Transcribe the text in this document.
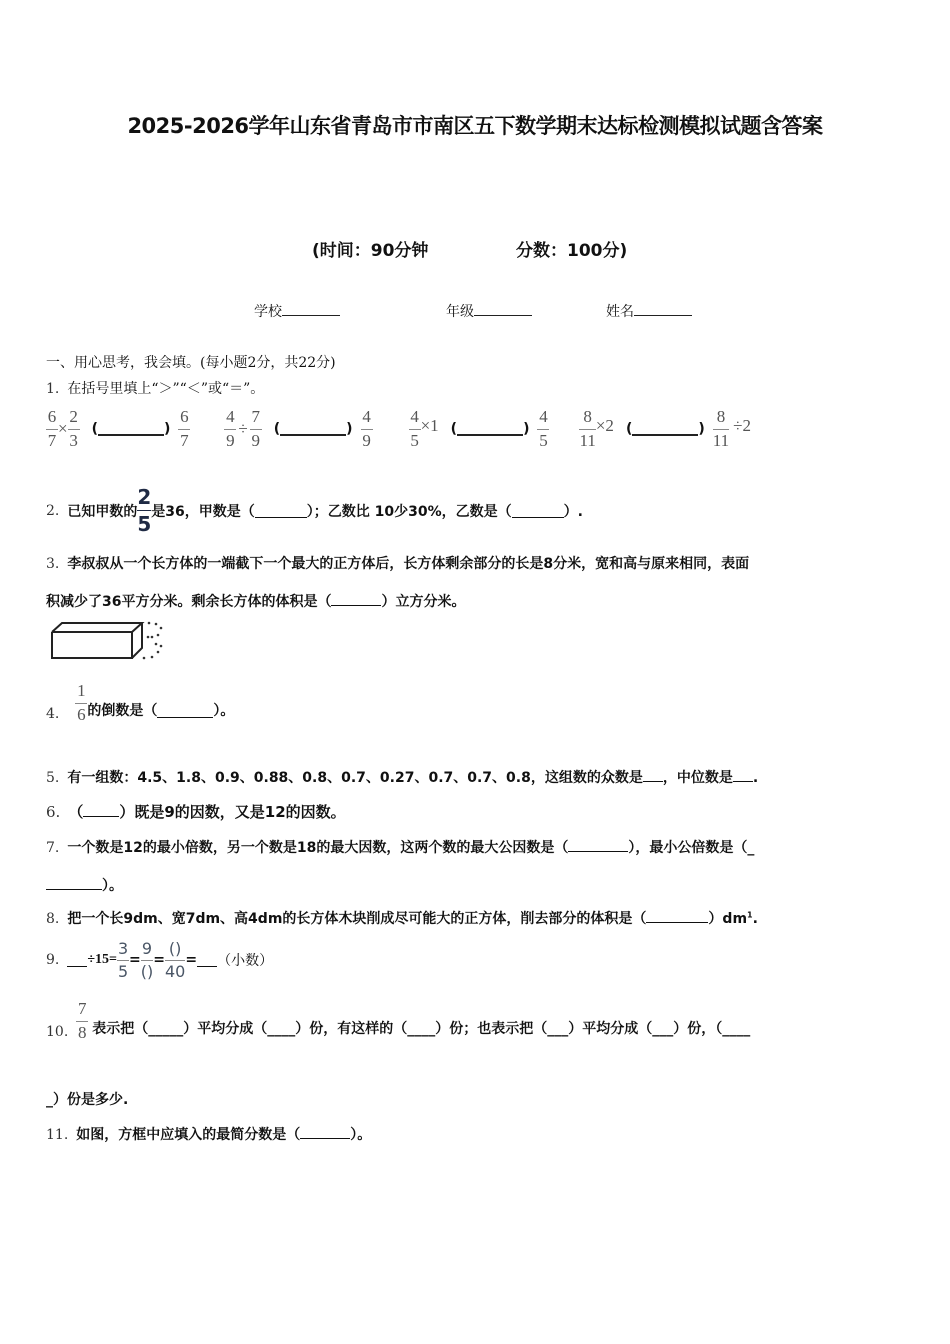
2025-2026学年山东省青岛市市南区五下数学期末达标检测模拟试题含答案
(时间：90分钟	分数：100分)
学校	年级	姓名
一、用心思考，我会填。(每小题2分，共22分)
1. 在括号里填上“＞”“＜”或“＝”。
$\frac{6}{7} \times \frac{2}{3}$ (	) $\frac{6}{7} \frac{4}{9} \div \frac{7}{9}$ (	) $\frac{4}{9} \frac{4}{5} \times 1$ (	) $\frac{4}{5} \frac{8}{11} \times 2$ (	) $\frac{8}{11} \div 2$
2. 已知甲数的 $\frac{2}{5}$ 是36，甲数是（	）；乙数比 10少30%，乙数是（	）.
3. 李叔叔从一个长方体的一端截下一个最大的正方体后，长方体剩余部分的长是8分米，宽和高与原来相同，表面
积减少了36平方分米。剩余长方体的体积是（	）立方分米。
4. $\frac{1}{6}$ 的倒数是（	）。
5. 有一组数：4.5、1.8、0.9、0.88、0.8、0.7、0.27、0.7、0.7、0.8，这组数的众数是 ，中位数是 .
6. （ ）既是9的因数，又是12的因数。
7. 一个数是12的最小倍数，另一个数是18的最大因数，这两个数的最大公因数是（	），最小公倍数是（_
）。
8. 把一个长9dm、宽7dm、高4dm的长方体木块削成尽可能大的正方体，削去部分的体积是（	）$dm^1$.
9. $\div 15= \frac{3}{5} = \frac{9}{()} = \frac{()}{40}$ = （小数）
10. $\frac{7}{8}$ 表示把（_____）平均分成（____）份，有这样的（____）份；也表示把（___）平均分成（___）份，（____
_）份是多少.
11. 如图，方框中应填入的最简分数是（	）。
